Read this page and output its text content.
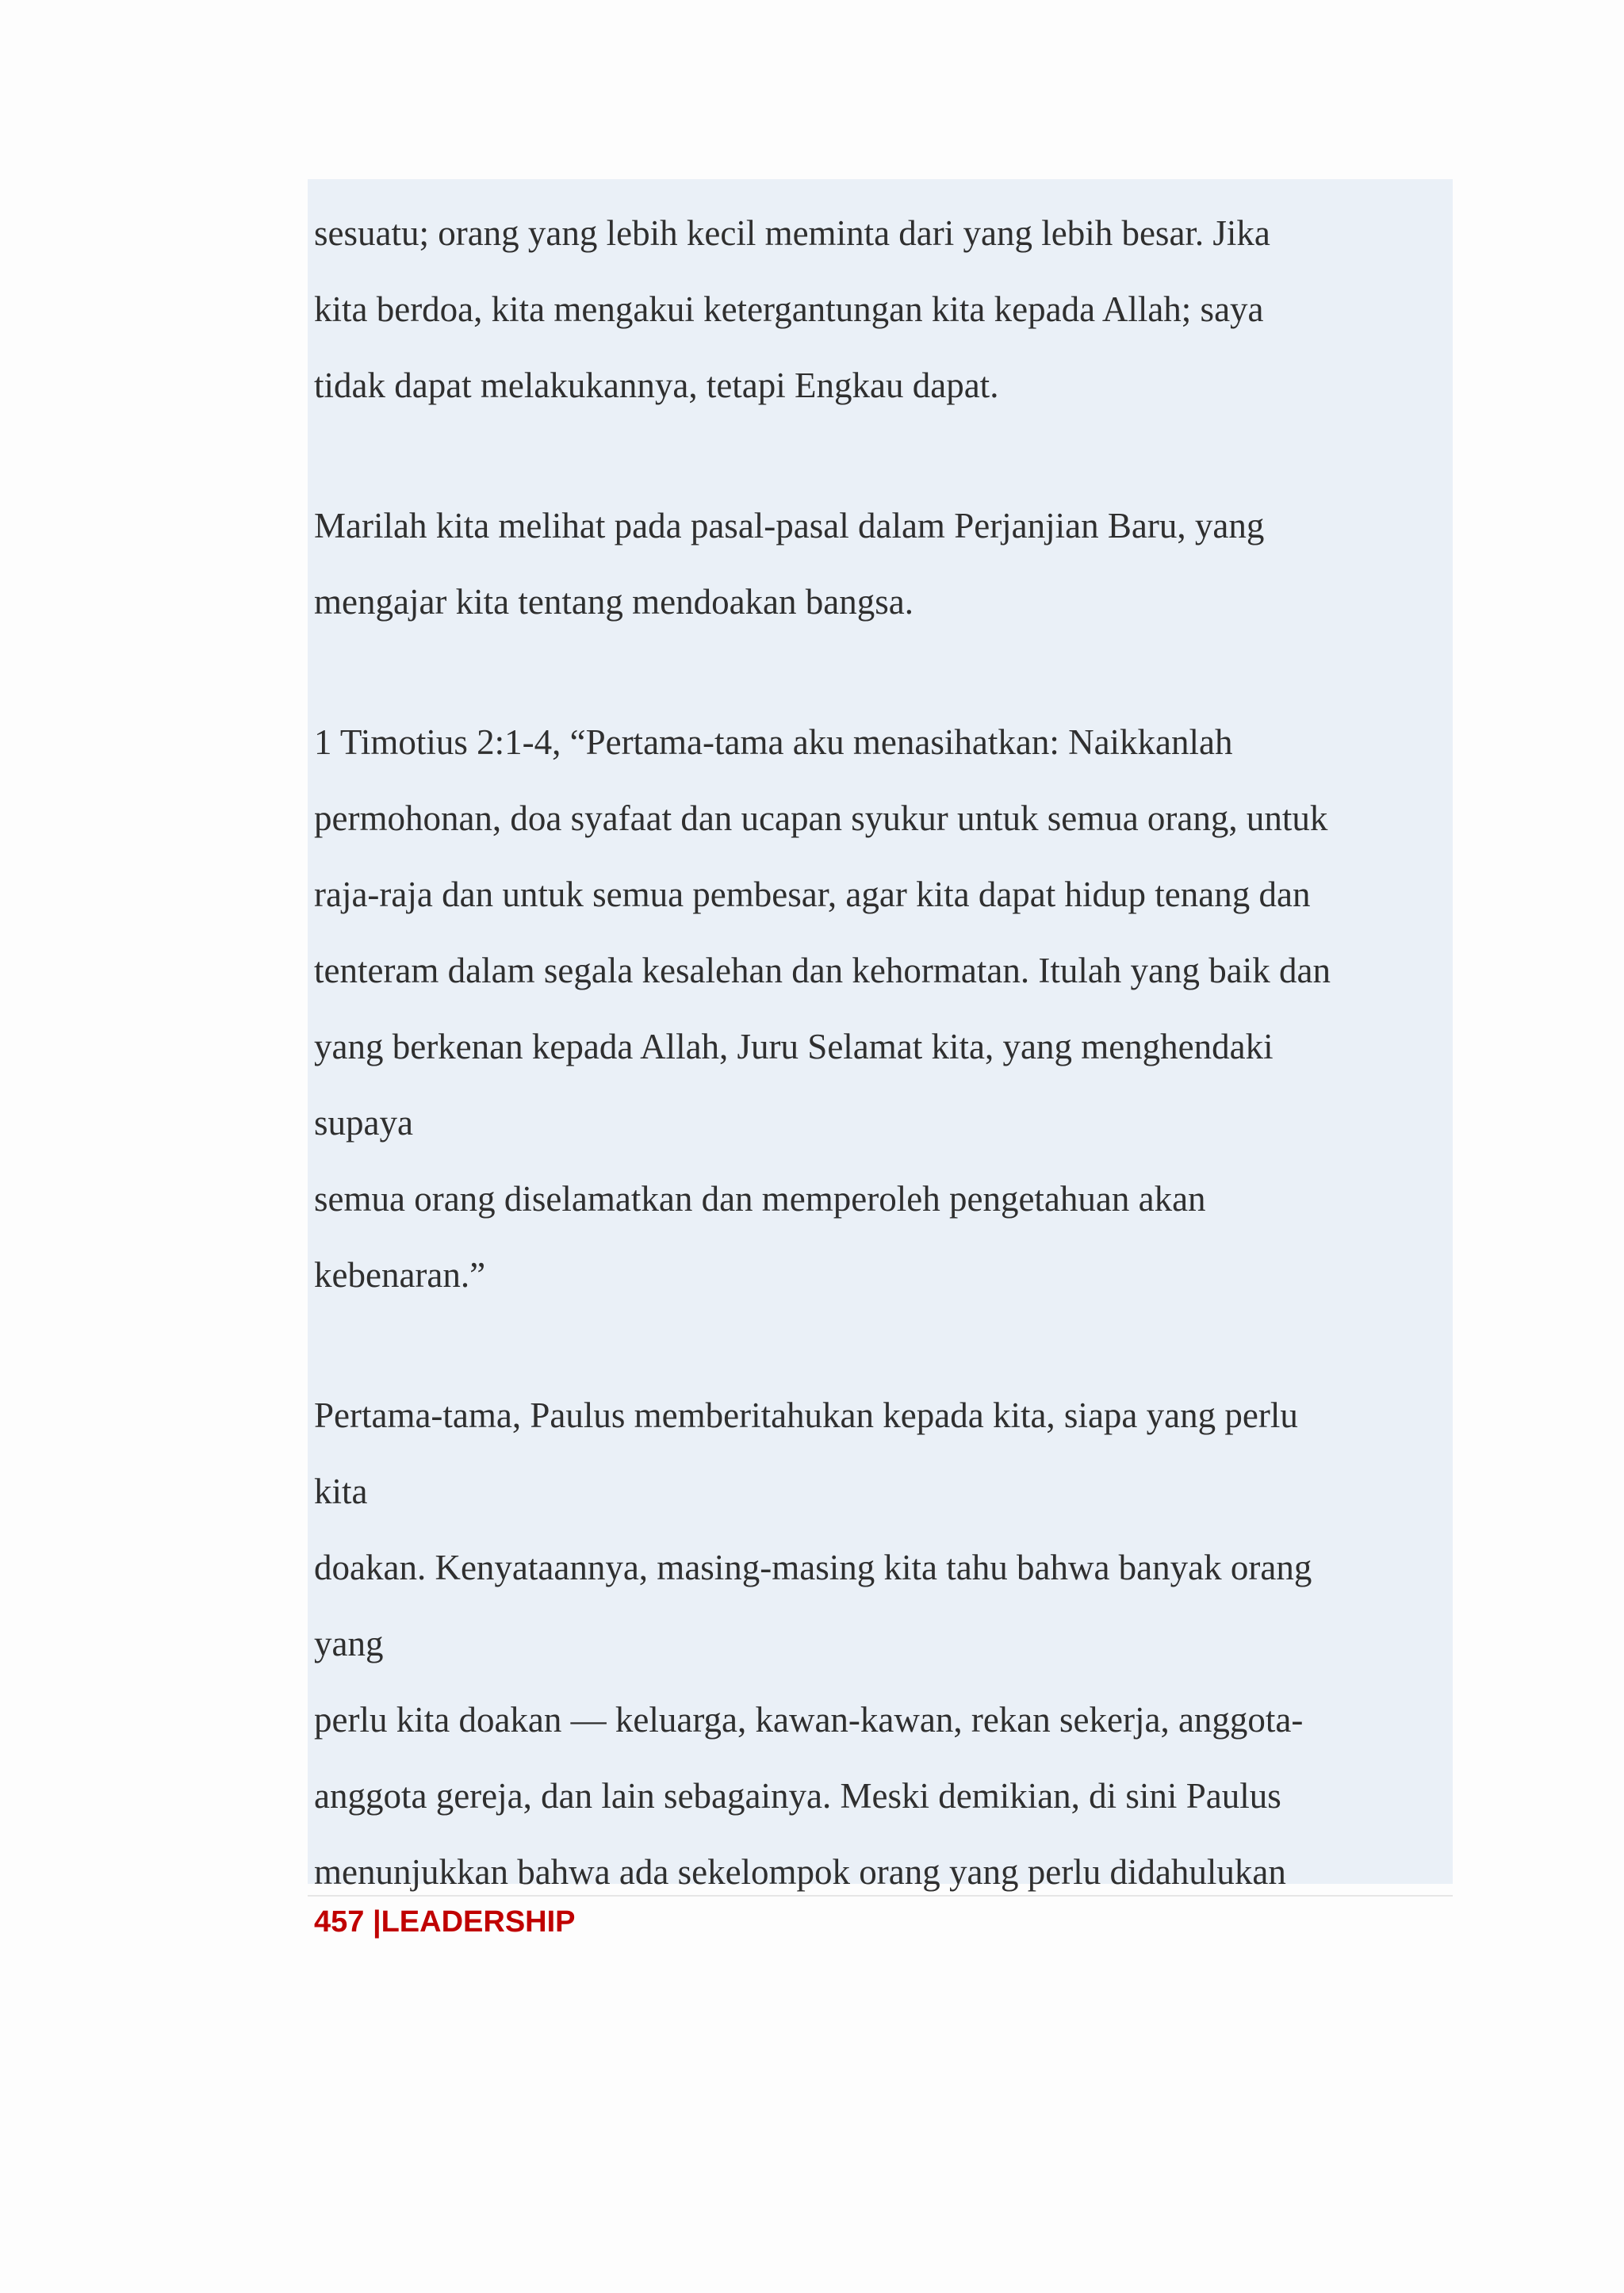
sesuatu; orang yang lebih kecil meminta dari yang lebih besar. Jika
kita berdoa, kita mengakui ketergantungan kita kepada Allah; saya
tidak dapat melakukannya, tetapi Engkau dapat.
Marilah kita melihat pada pasal-pasal dalam Perjanjian Baru, yang
mengajar kita tentang mendoakan bangsa.
1 Timotius 2:1-4, “Pertama-tama aku menasihatkan: Naikkanlah
permohonan, doa syafaat dan ucapan syukur untuk semua orang, untuk
raja-raja dan untuk semua pembesar, agar kita dapat hidup tenang dan
tenteram dalam segala kesalehan dan kehormatan. Itulah yang baik dan
yang berkenan kepada Allah, Juru Selamat kita, yang menghendaki
supaya
semua orang diselamatkan dan memperoleh pengetahuan akan
kebenaran.”
Pertama-tama, Paulus memberitahukan kepada kita, siapa yang perlu
kita
doakan. Kenyataannya, masing-masing kita tahu bahwa banyak orang
yang
perlu kita doakan — keluarga, kawan-kawan, rekan sekerja, anggota-
anggota gereja, dan lain sebagainya. Meski demikian, di sini Paulus
menunjukkan bahwa ada sekelompok orang yang perlu didahulukan
457 |LEADERSHIP
